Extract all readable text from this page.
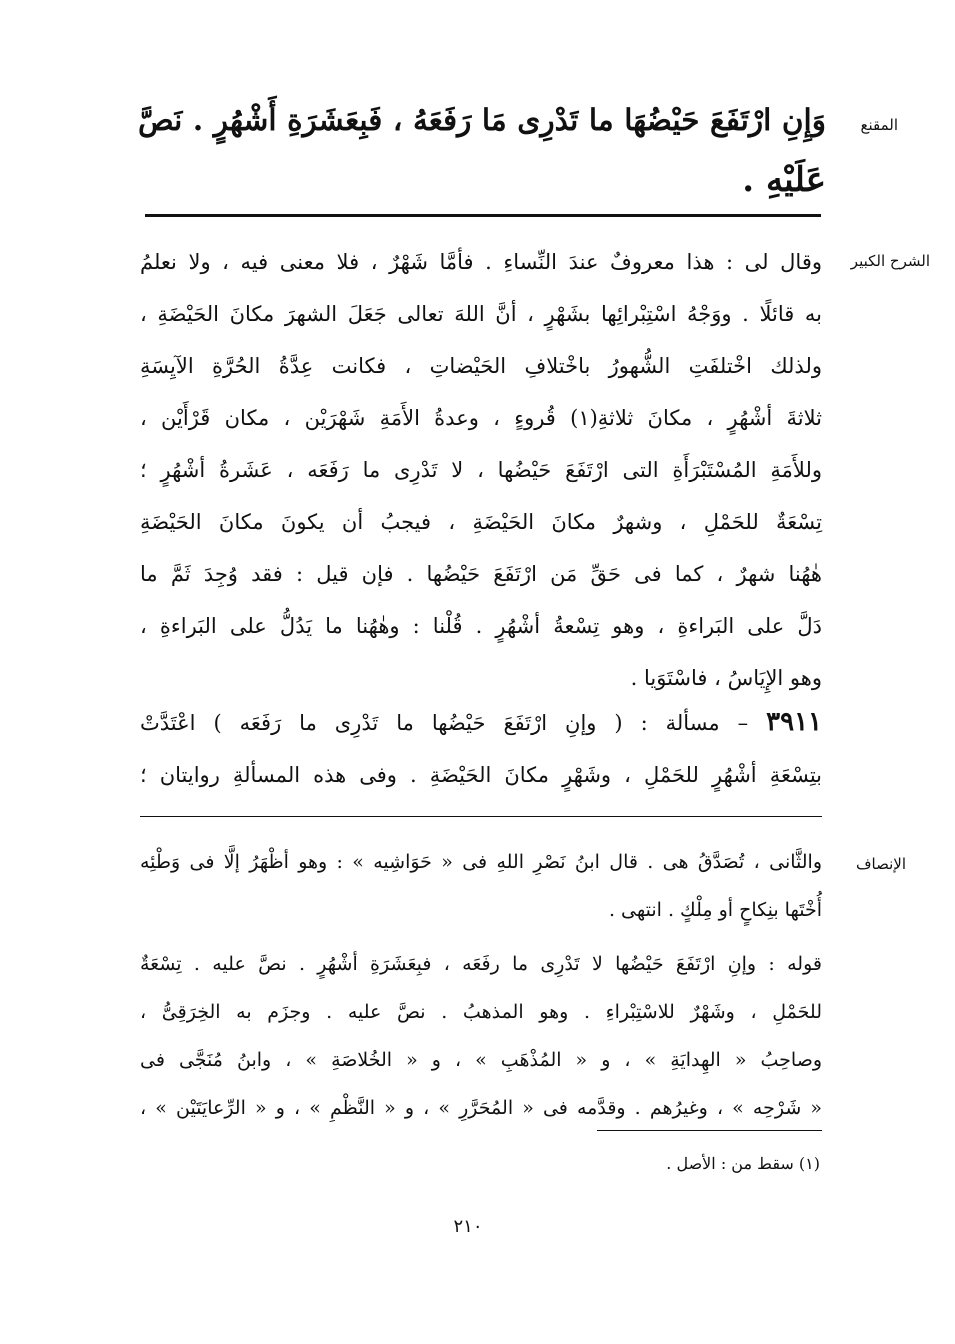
المقنع
وَإِنِ ارْتَفَعَ حَيْضُهَا ما تَدْرِى مَا رَفَعَهُ ، فَبِعَشَرَةِ أَشْهُرٍ . نَصَّ
عَلَيْهِ .
الشرح الكبير
وقال لى : هذا معروفٌ عندَ النِّساءِ . فأمَّا شَهْرٌ ، فلا معنى فيه ، ولا نعلمُ
به قائلًا . ووَجْهُ اسْتِبْرائِها بشَهْرٍ ، أنَّ اللهَ تعالى جَعَلَ الشهرَ مكانَ الحَيْضَةِ ،
ولذلك اخْتلفَتِ الشُّهورُ باخْتلافِ الحَيْضاتِ ، فكانت عِدَّةُ الحُرَّةِ الآيِسَةِ
ثلاثةَ أشْهُرٍ ، مكانَ ثلاثةِ(١) قُروءٍ ، وعدةُ الأَمَةِ شَهْرَيْن ، مكان قَرْأَيْن ،
وللأَمَةِ المُسْتَبْرَأَةِ التى ارْتَفَعَ حَيْضُها ، لا تَدْرِى ما رَفَعَه ، عَشَرةُ أشْهُرٍ ؛
تِسْعَةٌ للحَمْلِ ، وشهرٌ مكانَ الحَيْضَةِ ، فيجبُ أن يكونَ مكانَ الحَيْضَةِ
هٰهُنا شهرٌ ، كما فى حَقِّ مَن ارْتَفَعَ حَيْضُها . فإن قيل : فقد وُجِدَ ثَمَّ ما
دَلَّ على البَراءةِ ، وهو تِسْعةُ أشْهُرٍ . قُلْنا : وهٰهُنا ما يَدُلُّ على البَراءةِ ،
وهو الإِيَاسُ ، فاسْتَوَيا .
٣٩١١ – مسألة : ( وإنِ ارْتَفَعَ حَيْضُها ما تَدْرِى ما رَفَعَه ) اعْتَدَّتْ
بتِسْعَةِ أشْهُرٍ للحَمْلِ ، وشَهْرٍ مكانَ الحَيْضَةِ . وفى هذه المسألةِ روايتان ؛
الإنصاف
والثَّانى ، تُصَدَّقُ هى . قال ابنُ نَصْرِ اللهِ فى « حَوَاشِيه » : وهو أظْهَرُ إلَّا فى وَطْئِه
أُخْتَها بنِكاحٍ أو مِلْكٍ . انتهى .
قوله : وإنِ ارْتَفَعَ حَيْضُها لا تَدْرِى ما رفَعَه ، فبِعَشَرَةِ أشْهُرٍ . نصَّ عليه . تِسْعَةٌ
للحَمْلِ ، وشَهْرٌ للاسْتِبْراءِ . وهو المذهبُ . نصَّ عليه . وجزَم به الخِرَقِىُّ ،
وصاحِبُ « الهِدايَةِ » ، و « المُذْهَبِ » ، و « الخُلاصَةِ » ، وابنُ مُنَجَّى فى
« شَرْحِه » ، وغيرُهم . وقدَّمه فى « المُحَرَّرِ » ، و « النَّظْمِ » ، و « الرِّعايَتَيْن » ،
(١) سقط من : الأصل .
٢١٠
